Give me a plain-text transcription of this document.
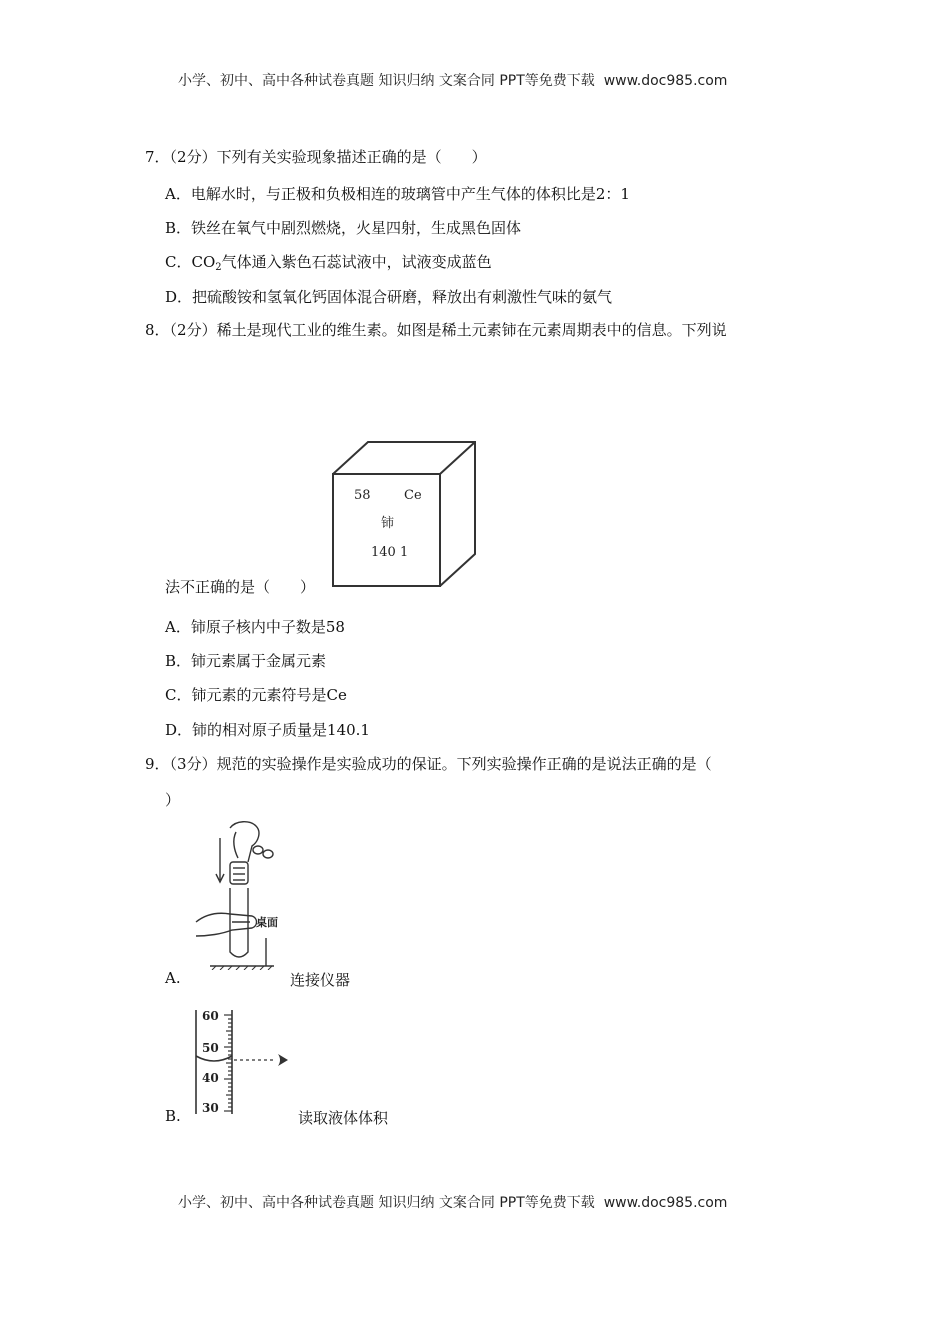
小学、初中、高中各种试卷真题 知识归纳 文案合同 PPT等免费下载 www.doc985.com
7．（2分）下列有关实验现象描述正确的是（　　）
A．电解水时，与正极和负极相连的玻璃管中产生气体的体积比是2：1
B．铁丝在氧气中剧烈燃烧，火星四射，生成黑色固体
C．$CO_2$气体通入紫色石蕊试液中，试液变成蓝色
D．把硫酸铵和氢氧化钙固体混合研磨，释放出有刺激性气味的氨气
8．（2分）稀土是现代工业的维生素。如图是稀土元素铈在元素周期表中的信息。下列说
58	Ce
铈
140 1
法不正确的是（　　）
A．铈原子核内中子数是58
B．铈元素属于金属元素
C．铈元素的元素符号是Ce
D．铈的相对原子质量是140.1
9．（3分）规范的实验操作是实验成功的保证。下列实验操作正确的是说法正确的是（
）
桌面
A.	连接仪器
60
50
40
30
B.	读取液体体积
小学、初中、高中各种试卷真题 知识归纳 文案合同 PPT等免费下载 www.doc985.com
